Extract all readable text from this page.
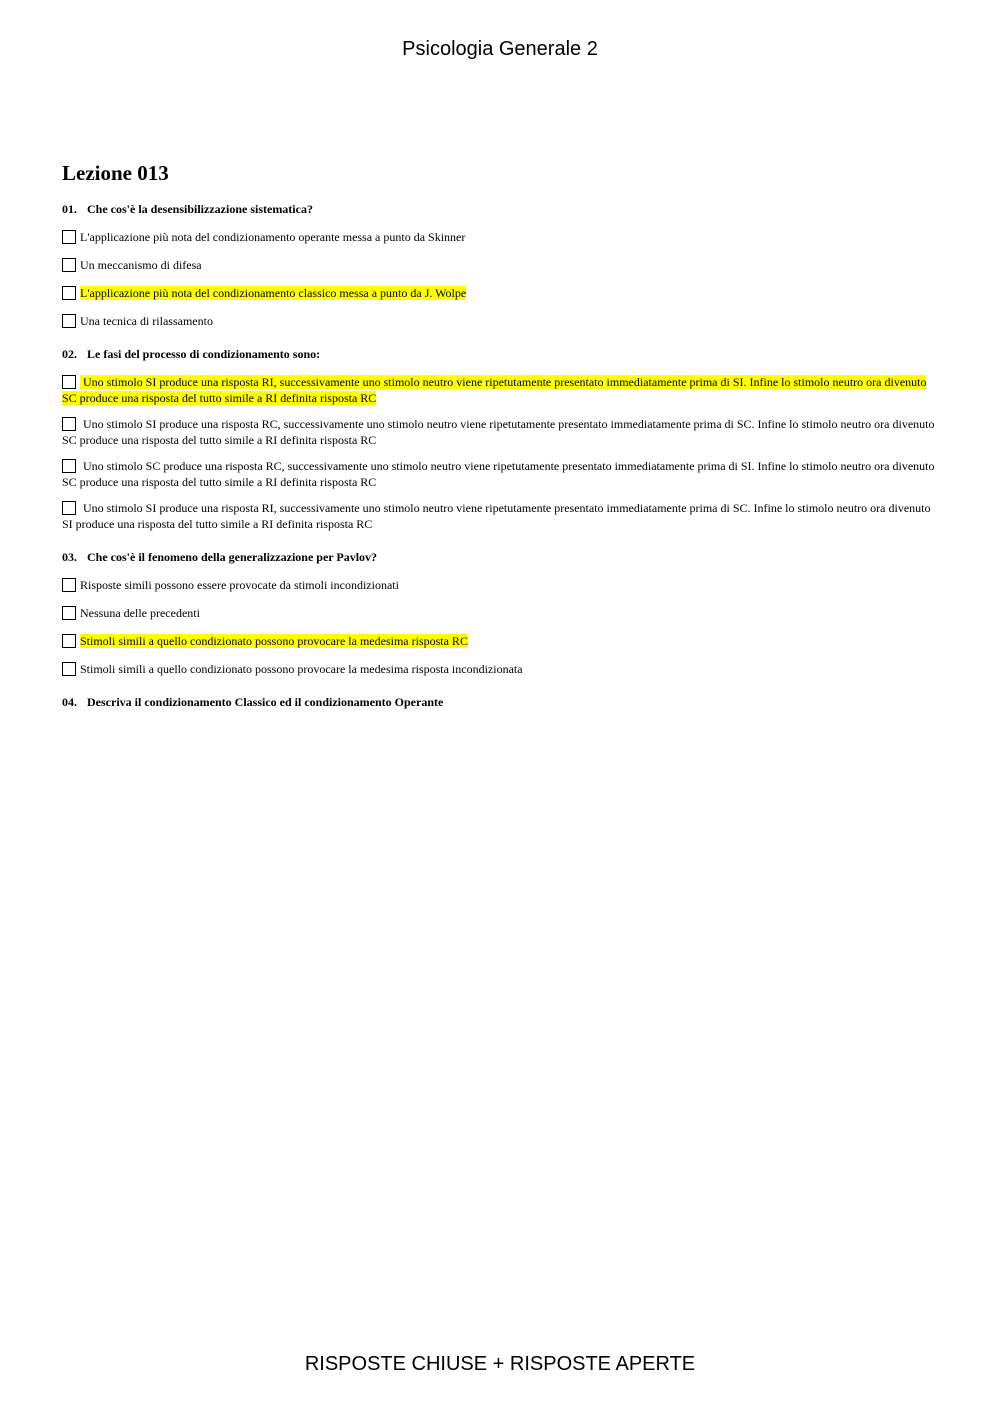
Psicologia Generale 2
Lezione 013
01. Che cos'è la desensibilizzazione sistematica?
L'applicazione più nota del condizionamento operante messa a punto da Skinner
Un meccanismo di difesa
L'applicazione più nota del condizionamento classico messa a punto da J. Wolpe
Una tecnica di rilassamento
02. Le fasi del processo di condizionamento sono:
Uno stimolo SI produce una risposta RI, successivamente uno stimolo neutro viene ripetutamente presentato immediatamente prima di SI. Infine lo stimolo neutro ora divenuto SC produce una risposta del tutto simile a RI definita risposta RC
Uno stimolo SI produce una risposta RC, successivamente uno stimolo neutro viene ripetutamente presentato immediatamente prima di SC. Infine lo stimolo neutro ora divenuto SC produce una risposta del tutto simile a RI definita risposta RC
Uno stimolo SC produce una risposta RC, successivamente uno stimolo neutro viene ripetutamente presentato immediatamente prima di SI. Infine lo stimolo neutro ora divenuto SC produce una risposta del tutto simile a RI definita risposta RC
Uno stimolo SI produce una risposta RI, successivamente uno stimolo neutro viene ripetutamente presentato immediatamente prima di SC. Infine lo stimolo neutro ora divenuto SI produce una risposta del tutto simile a RI definita risposta RC
03. Che cos'è il fenomeno della generalizzazione per Pavlov?
Risposte simili possono essere provocate da stimoli incondizionati
Nessuna delle precedenti
Stimoli simili a quello condizionato possono provocare la medesima risposta RC
Stimoli simili a quello condizionato possono provocare la medesima risposta incondizionata
04. Descriva il condizionamento Classico ed il condizionamento Operante
RISPOSTE CHIUSE + RISPOSTE APERTE
